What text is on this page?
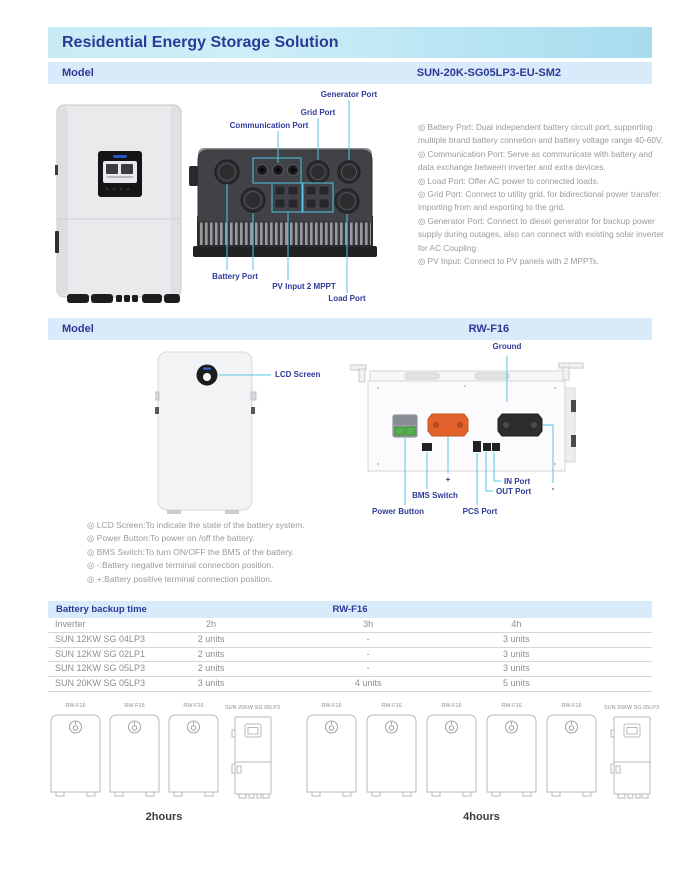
Residential Energy Storage Solution
Model	SUN-20K-SG05LP3-EU-SM2
Generator Port
Grid Port
Communication Port
Battery Port
PV Input 2 MPPT
Load Port

◎ Battery Port: Dual independent battery circuit port, supporting multiple brand battery connetion and battery voltage range 40-60V.

◎ Communication Port: Serve as communicate with battery and data exchange between inverter and extra devices.

◎ Load Port: Offer AC power to connected loads.

◎ Grid Port: Connect to utility grid, for bidirectional power transfer: importing from and exporting to the grid.

◎ Generator Port: Connect to diesel generator for backup power supply during outages, also can connect with existing solar inverter for AC Coupling.

◎ PV Input: Connect to PV panels with 2 MPPTs.

Model	RW-F16
LCD Screen
Ground
+	IN Port
OUT Port	-
BMS Switch
PCS Port
Power Button

◎ LCD Screen:To indicate the state of the battery system.

◎ Power Button:To power on /off the battery.

◎ BMS Switch:To turn ON/OFF the BMS of the battery.

◎ -:Battery negative terminal connection position.

◎ +:Battery positive terminal connection position.

Battery backup time	RW-F16
Inverter	2h	3h	4h
SUN 12KW SG 04LP3	2 units	-	3 units
SUN 12KW SG 02LP1	2 units	-	3 units
SUN 12KW SG 05LP3	2 units	-	3 units
SUN 20KW SG 05LP3	3 units	4 units	5 units
RW-F16	RW-F16	RW-F16	SUN 20KW SG 05LP3
2hours
RW-F16	RW-F16	RW-F16	RW-F16	RW-F16	SUN 20KW SG 05LP3
4hours
